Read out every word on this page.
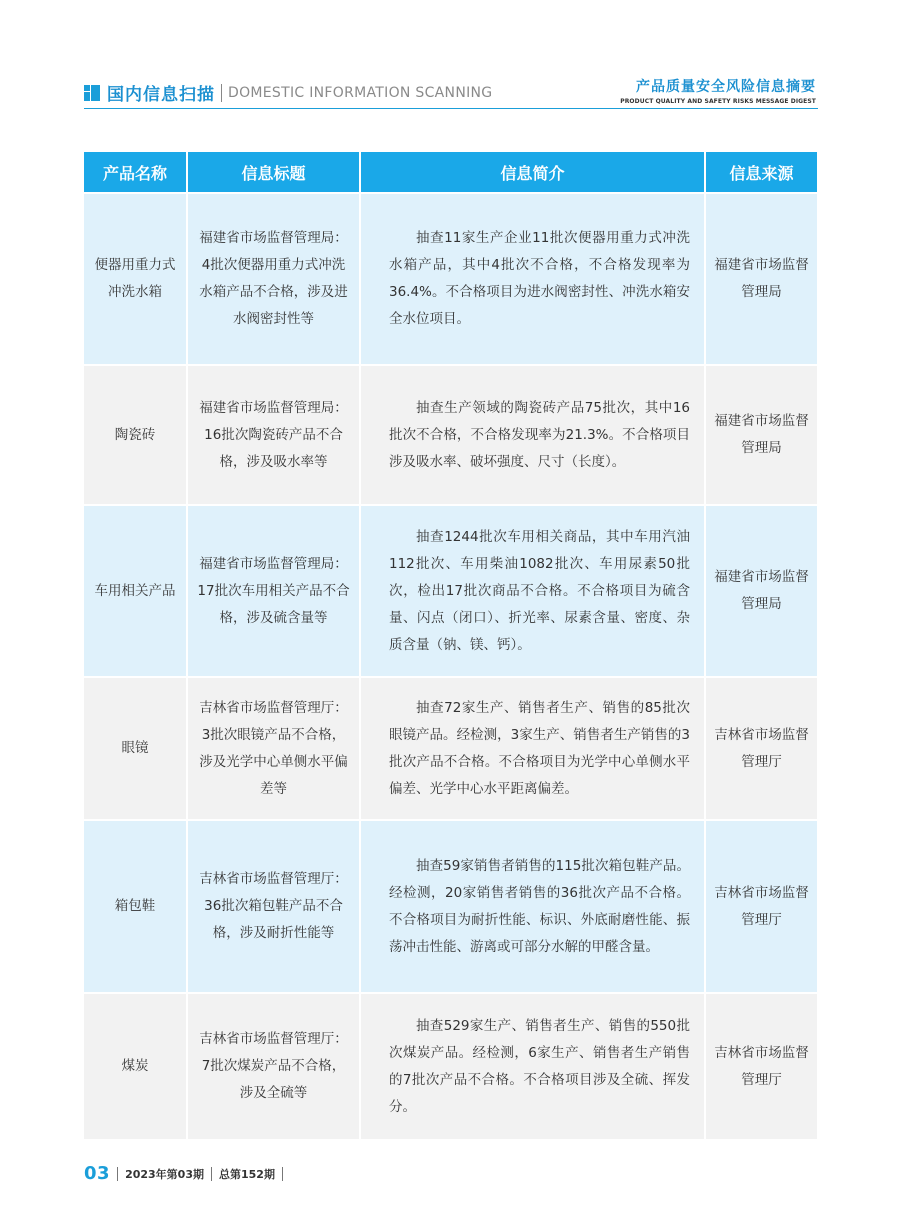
国内信息扫描 DOMESTIC INFORMATION SCANNING	产品质量安全风险信息摘要
PRODUCT QUALITY AND SAFETY RISKS MESSAGE DIGEST
产品名称	信息标题	信息简介	信息来源
便器用重力式冲洗水箱	福建省市场监督管理局：4批次便器用重力式冲洗水箱产品不合格，涉及进水阀密封性等	抽查11家生产企业11批次便器用重力式冲洗水箱产品，其中4批次不合格，不合格发现率为36.4%。不合格项目为进水阀密封性、冲洗水箱安全水位项目。	福建省市场监督管理局
陶瓷砖	福建省市场监督管理局：16批次陶瓷砖产品不合格，涉及吸水率等	抽查生产领域的陶瓷砖产品75批次，其中16批次不合格，不合格发现率为21.3%。不合格项目涉及吸水率、破坏强度、尺寸（长度）。	福建省市场监督管理局
车用相关产品	福建省市场监督管理局：17批次车用相关产品不合格，涉及硫含量等	抽查1244批次车用相关商品，其中车用汽油112批次、车用柴油1082批次、车用尿素50批次，检出17批次商品不合格。不合格项目为硫含量、闪点（闭口）、折光率、尿素含量、密度、杂质含量（钠、镁、钙）。	福建省市场监督管理局
眼镜	吉林省市场监督管理厅：3批次眼镜产品不合格，涉及光学中心单侧水平偏差等	抽查72家生产、销售者生产、销售的85批次眼镜产品。经检测，3家生产、销售者生产销售的3批次产品不合格。不合格项目为光学中心单侧水平偏差、光学中心水平距离偏差。	吉林省市场监督管理厅
箱包鞋	吉林省市场监督管理厅：36批次箱包鞋产品不合格，涉及耐折性能等	抽查59家销售者销售的115批次箱包鞋产品。经检测，20家销售者销售的36批次产品不合格。不合格项目为耐折性能、标识、外底耐磨性能、振荡冲击性能、游离或可部分水解的甲醛含量。	吉林省市场监督管理厅
煤炭	吉林省市场监督管理厅：7批次煤炭产品不合格，涉及全硫等	抽查529家生产、销售者生产、销售的550批次煤炭产品。经检测，6家生产、销售者生产销售的7批次产品不合格。不合格项目涉及全硫、挥发分。	吉林省市场监督管理厅
03 2023年第03期 总第152期
